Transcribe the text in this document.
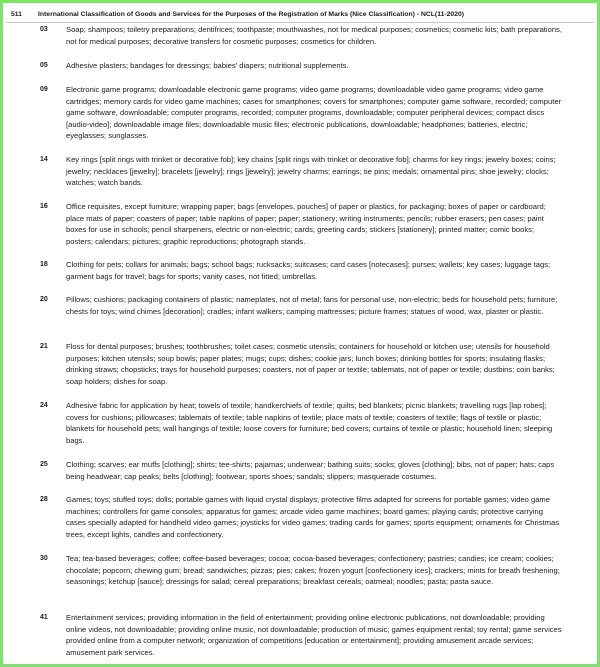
511	International Classification of Goods and Services for the Purposes of the Registration of Marks (Nice Classification) - NCL(11-2020)
03 Soap; shampoos; toiletry preparations; dentifrices; toothpaste; mouthwashes, not for medical purposes; cosmetics; cosmetic kits; bath preparations, not for medical purposes; decorative transfers for cosmetic purposes; cosmetics for children.
05 Adhesive plasters; bandages for dressings; babies' diapers; nutritional supplements.
09 Electronic game programs; downloadable electronic game programs; video game programs; downloadable video game programs; video game cartridges; memory cards for video game machines; cases for smartphones; covers for smartphones; computer game software, recorded; computer game software, downloadable; computer programs, recorded; computer programs, downloadable; computer peripheral devices; compact discs [audio-video]; downloadable image files; downloadable music files; electronic publications, downloadable; headphones; batteries, electric; eyeglasses; sunglasses.
14 Key rings [split rings with trinket or decorative fob]; key chains [split rings with trinket or decorative fob]; charms for key rings; jewelry boxes; coins; jewelry; necklaces [jewelry]; bracelets [jewelry]; rings [jewelry]; jewelry charms; earrings; tie pins; medals; ornamental pins; shoe jewelry; clocks; watches; watch bands.
16 Office requisites, except furniture; wrapping paper; bags [envelopes, pouches] of paper or plastics, for packaging; boxes of paper or cardboard; place mats of paper; coasters of paper; table napkins of paper; paper; stationery; writing instruments; pencils; rubber erasers; pen cases; paint boxes for use in schools; pencil sharpeners, electric or non-electric; cards; greeting cards; stickers [stationery]; printed matter; comic books; posters; calendars; pictures; graphic reproductions; photograph stands.
18 Clothing for pets; collars for animals; bags; school bags; rucksacks; suitcases; card cases [notecases]; purses; wallets; key cases; luggage tags; garment bags for travel; bags for sports; vanity cases, not fitted; umbrellas.
20 Pillows; cushions; packaging containers of plastic; nameplates, not of metal; fans for personal use, non-electric; beds for household pets; furniture; chests for toys; wind chimes [decoration]; cradles; infant walkers; camping mattresses; picture frames; statues of wood, wax, plaster or plastic.
21 Floss for dental purposes; brushes; toothbrushes; toilet cases; cosmetic utensils; containers for household or kitchen use; utensils for household purposes; kitchen utensils; soup bowls; paper plates; mugs; cups; dishes; cookie jars; lunch boxes; drinking bottles for sports; insulating flasks; drinking straws; chopsticks; trays for household purposes; coasters, not of paper or textile; tablemats, not of paper or textile; dustbins; coin banks; soap holders; dishes for soap.
24 Adhesive fabric for application by heat; towels of textile; handkerchiefs of textile; quilts; bed blankets; picnic blankets; travelling rugs [lap robes]; covers for cushions; pillowcases; tablemats of textile; table napkins of textile; place mats of textile; coasters of textile; flags of textile or plastic; blankets for household pets; wall hangings of textile; loose covers for furniture; bed covers; curtains of textile or plastic; household linen; sleeping bags.
25 Clothing; scarves; ear muffs [clothing]; shirts; tee-shirts; pajamas; underwear; bathing suits; socks; gloves [clothing]; bibs, not of paper; hats; caps being headwear; cap peaks; belts [clothing]; footwear; sports shoes; sandals; slippers; masquerade costumes.
28 Games; toys; stuffed toys; dolls; portable games with liquid crystal displays; protective films adapted for screens for portable games; video game machines; controllers for game consoles; apparatus for games; arcade video game machines; board games; playing cards; protective carrying cases specially adapted for handheld video games; joysticks for video games; trading cards for games; sports equipment; ornaments for Christmas trees, except lights, candles and confectionery.
30 Tea; tea-based beverages; coffee; coffee-based beverages; cocoa; cocoa-based beverages; confectionery; pastries; candies; ice cream; cookies; chocolate; popcorn; chewing gum; bread; sandwiches; pizzas; pies; cakes; frozen yogurt [confectionery ices]; crackers; mints for breath freshening; seasonings; ketchup [sauce]; dressings for salad; cereal preparations; breakfast cereals; oatmeal; noodles; pasta; pasta sauce.
41 Entertainment services; providing information in the field of entertainment; providing online electronic publications, not downloadable; providing online videos, not downloadable; providing online music, not downloadable; production of music; games equipment rental; toy rental; game services provided online from a computer network; organization of competitions [education or entertainment]; providing amusement arcade services; amusement park services.
